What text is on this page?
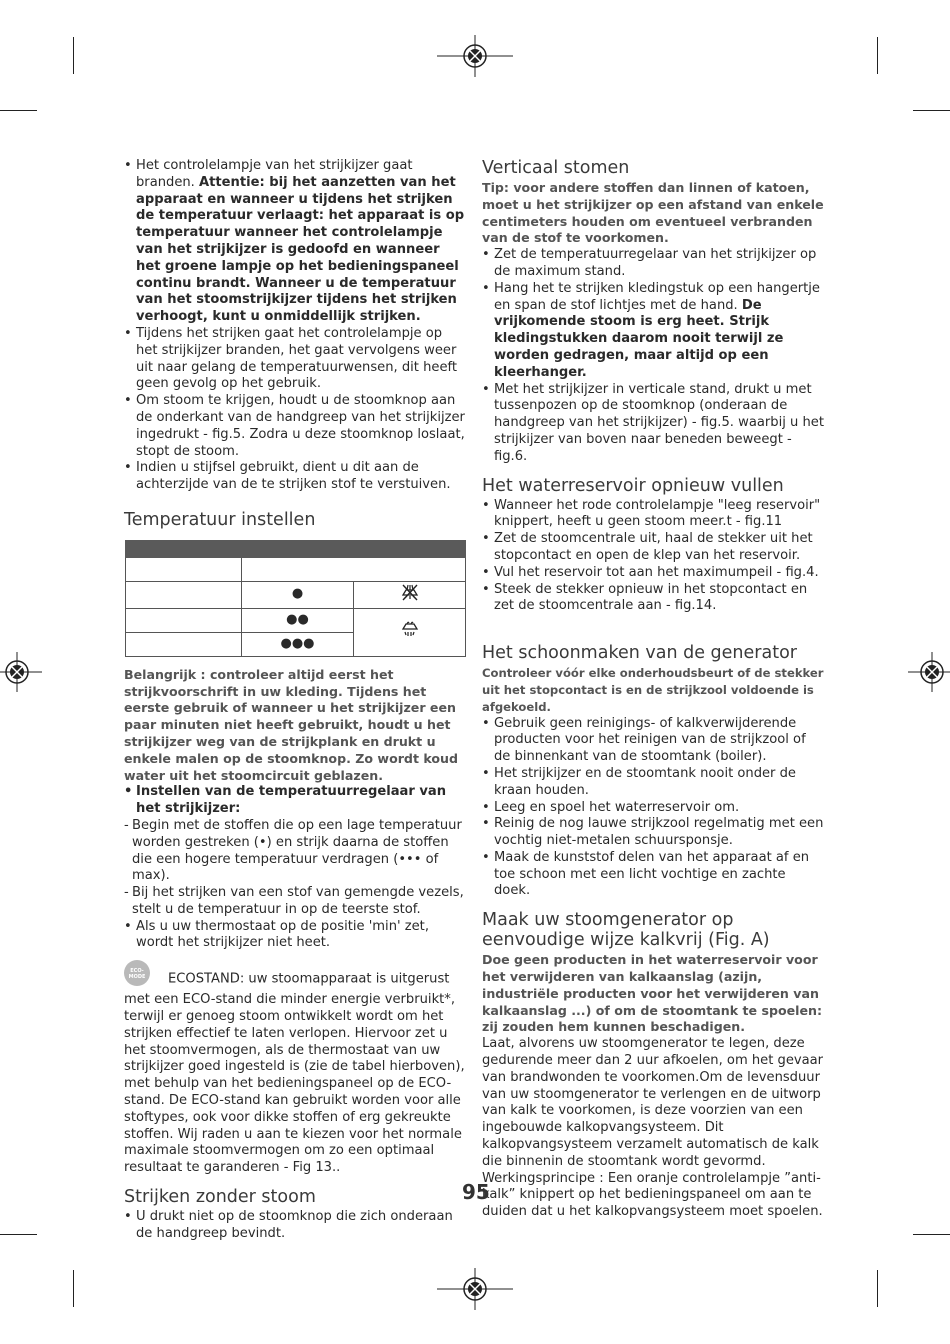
• Het controlelampje van het strijkijzer gaat branden. Attentie: bij het aanzetten van het apparaat en wanneer u tijdens het strijken de temperatuur verlaagt: het apparaat is op temperatuur wanneer het controlelampje van het strijkijzer is gedoofd en wanneer het groene lampje op het bedieningspaneel continu brandt. Wanneer u de temperatuur van het stoomstrijkijzer tijdens het strijken verhoogt, kunt u onmiddellijk strijken.
• Tijdens het strijken gaat het controlelampje op het strijkijzer branden, het gaat vervolgens weer uit naar gelang de temperatuurwensen, dit heeft geen gevolg op het gebruik.
• Om stoom te krijgen, houdt u de stoomknop aan de onderkant van de handgreep van het strijkijzer ingedrukt - fig.5. Zodra u deze stoomknop loslaat, stopt de stoom.
• Indien u stijfsel gebruikt, dient u dit aan de achterzijde van de te strijken stof te verstuiven.
Temperatuur instellen

	●	
	●●	
	●●●	

Belangrijk : controleer altijd eerst het strijkvoorschrift in uw kleding. Tijdens het eerste gebruik of wanneer u het strijkijzer een paar minuten niet heeft gebruikt, houdt u het strijkijzer weg van de strijkplank en drukt u enkele malen op de stoomknop. Zo wordt koud water uit het stoomcircuit geblazen.

• Instellen van de temperatuurregelaar van het strijkijzer:
- Begin met de stoffen die op een lage temperatuur worden gestreken (•) en strijk daarna de stoffen die een hogere temperatuur verdragen (••• of max).
- Bij het strijken van een stof van gemengde vezels, stelt u de temperatuur in op de teerste stof.
• Als u uw thermostaat op de positie 'min' zet, wordt het strijkijzer niet heet.
ECO-MODE	ECOSTAND: uw stoomapparaat is uitgerust met een ECO-stand die minder energie verbruikt*, terwijl er genoeg stoom ontwikkelt wordt om het strijken effectief te laten verlopen. Hiervoor zet u het stoomvermogen, als de thermostaat van uw strijkijzer goed ingesteld is (zie de tabel hierboven), met behulp van het bedieningspaneel op de ECO-stand. De ECO-stand kan gebruikt worden voor alle stoftypes, ook voor dikke stoffen of erg gekreukte stoffen. Wij raden u aan te kiezen voor het normale maximale stoomvermogen om zo een optimaal resultaat te garanderen - Fig 13..
Strijken zonder stoom
• U drukt niet op de stoomknop die zich onderaan de handgreep bevindt.
Verticaal stomen

Tip: voor andere stoffen dan linnen of katoen, moet u het strijkijzer op een afstand van enkele centimeters houden om eventueel verbranden van de stof te voorkomen.

• Zet de temperatuurregelaar van het strijkijzer op de maximum stand.
• Hang het te strijken kledingstuk op een hangertje en span de stof lichtjes met de hand. De vrijkomende stoom is erg heet. Strijk kledingstukken daarom nooit terwijl ze worden gedragen, maar altijd op een kleerhanger.
• Met het strijkijzer in verticale stand, drukt u met tussenpozen op de stoomknop (onderaan de handgreep van het strijkijzer) - fig.5. waarbij u het strijkijzer van boven naar beneden beweegt - fig.6.
Het waterreservoir opnieuw vullen
• Wanneer het rode controlelampje "leeg reservoir" knippert, heeft u geen stoom meer.t - fig.11
• Zet de stoomcentrale uit, haal de stekker uit het stopcontact en open de klep van het reservoir.
• Vul het reservoir tot aan het maximumpeil - fig.4.
• Steek de stekker opnieuw in het stopcontact en zet de stoomcentrale aan - fig.14.
Het schoonmaken van de generator

Controleer vóór elke onderhoudsbeurt of de stekker uit het stopcontact is en de strijkzool voldoende is afgekoeld.

• Gebruik geen reinigings- of kalkverwijderende producten voor het reinigen van de strijkzool of de binnenkant van de stoomtank (boiler).
• Het strijkijzer en de stoomtank nooit onder de kraan houden.
• Leeg en spoel het waterreservoir om.
• Reinig de nog lauwe strijkzool regelmatig met een vochtig niet-metalen schuursponsje.
• Maak de kunststof delen van het apparaat af en toe schoon met een licht vochtige en zachte doek.
Maak uw stoomgenerator op eenvoudige wijze kalkvrij (Fig. A)

Doe geen producten in het waterreservoir voor het verwijderen van kalkaanslag (azijn, industriële producten voor het verwijderen van kalkaanslag ...) of om de stoomtank te spoelen: zij zouden hem kunnen beschadigen.

Laat, alvorens uw stoomgenerator te legen, deze gedurende meer dan 2 uur afkoelen, om het gevaar van brandwonden te voorkomen.Om de levensduur van uw stoomgenerator te verlengen en de uitworp van kalk te voorkomen, is deze voorzien van een ingebouwde kalkopvangsysteem. Dit kalkopvangsysteem verzamelt automatisch de kalk die binnenin de stoomtank wordt gevormd. Werkingsprincipe : Een oranje controlelampje ”anti-kalk” knippert op het bedieningspaneel om aan te duiden dat u het kalkopvangsysteem moet spoelen.

95
